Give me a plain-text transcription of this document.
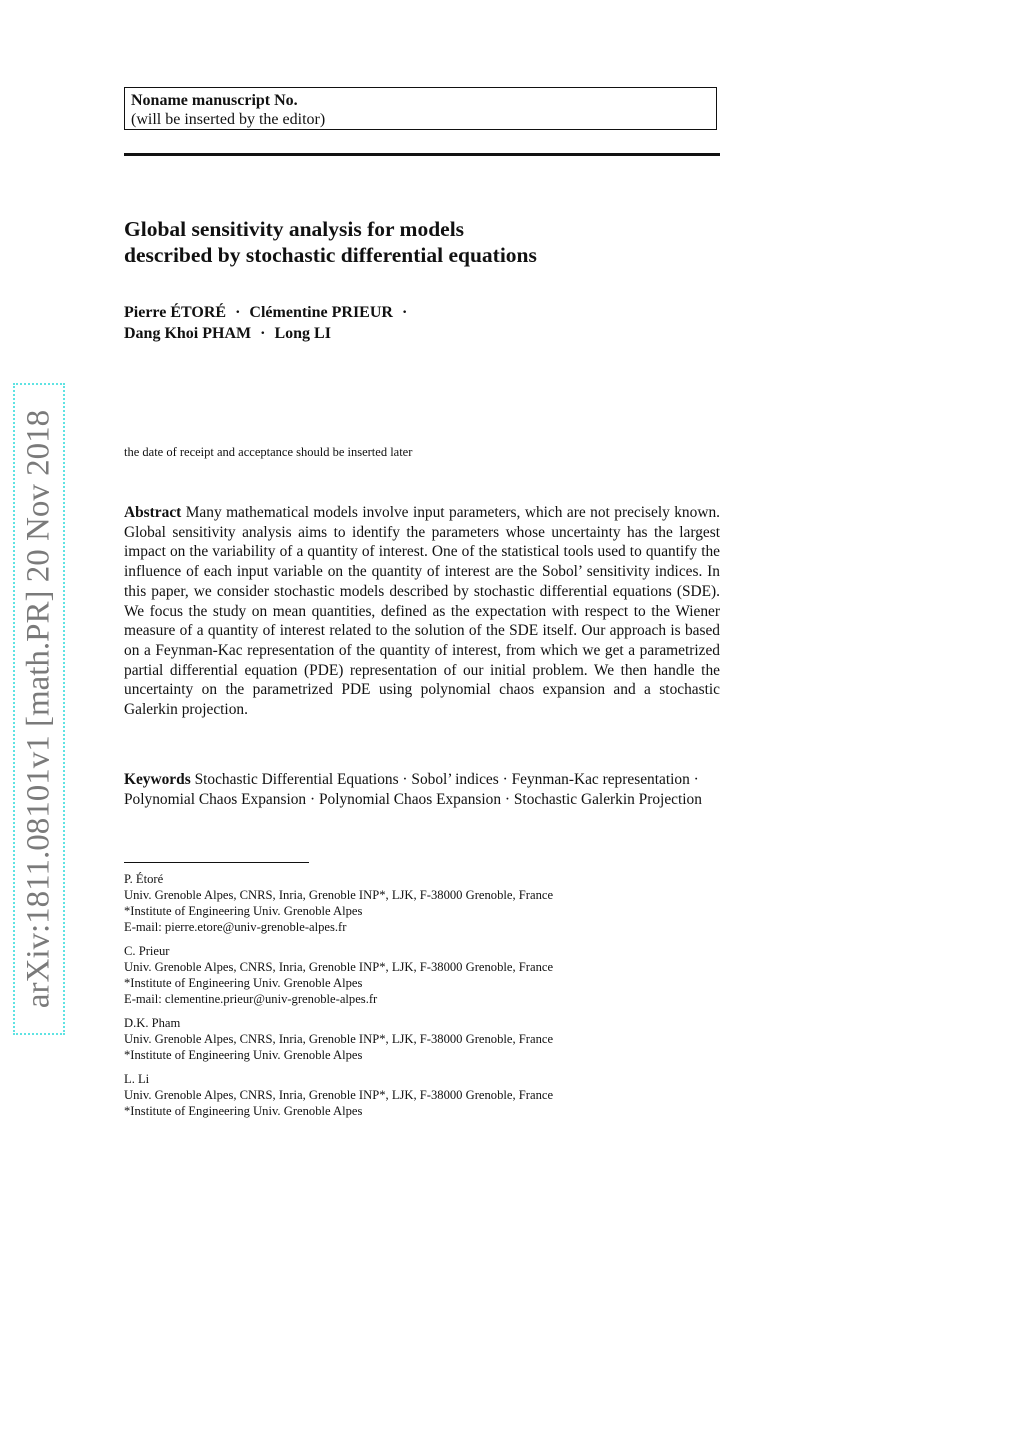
Noname manuscript No.
(will be inserted by the editor)
Global sensitivity analysis for models
described by stochastic differential equations
Pierre ÉTORÉ · Clémentine PRIEUR ·
Dang Khoi PHAM · Long LI
arXiv:1811.08101v1 [math.PR] 20 Nov 2018	the date of receipt and acceptance should be inserted later
Abstract Many mathematical models involve input parameters, which are not precisely known. Global sensitivity analysis aims to identify the parameters whose uncertainty has the largest impact on the variability of a quantity of interest. One of the statistical tools used to quantify the influence of each input variable on the quantity of interest are the Sobol’ sensitivity indices. In this paper, we consider stochastic models described by stochastic differential equations (SDE). We focus the study on mean quantities, defined as the expectation with respect to the Wiener measure of a quantity of interest related to the solution of the SDE itself. Our approach is based on a Feynman-Kac representation of the quantity of interest, from which we get a parametrized partial differential equation (PDE) representation of our initial problem. We then handle the uncertainty on the parametrized PDE using polynomial chaos expansion and a stochastic Galerkin projection.
Keywords Stochastic Differential Equations · Sobol’ indices · Feynman-Kac representation · Polynomial Chaos Expansion · Polynomial Chaos Expansion · Stochastic Galerkin Projection
P. Étoré
Univ. Grenoble Alpes, CNRS, Inria, Grenoble INP*, LJK, F-38000 Grenoble, France
*Institute of Engineering Univ. Grenoble Alpes
E-mail: pierre.etore@univ-grenoble-alpes.fr
C. Prieur
Univ. Grenoble Alpes, CNRS, Inria, Grenoble INP*, LJK, F-38000 Grenoble, France
*Institute of Engineering Univ. Grenoble Alpes
E-mail: clementine.prieur@univ-grenoble-alpes.fr
D.K. Pham
Univ. Grenoble Alpes, CNRS, Inria, Grenoble INP*, LJK, F-38000 Grenoble, France
*Institute of Engineering Univ. Grenoble Alpes
L. Li
Univ. Grenoble Alpes, CNRS, Inria, Grenoble INP*, LJK, F-38000 Grenoble, France
*Institute of Engineering Univ. Grenoble Alpes
